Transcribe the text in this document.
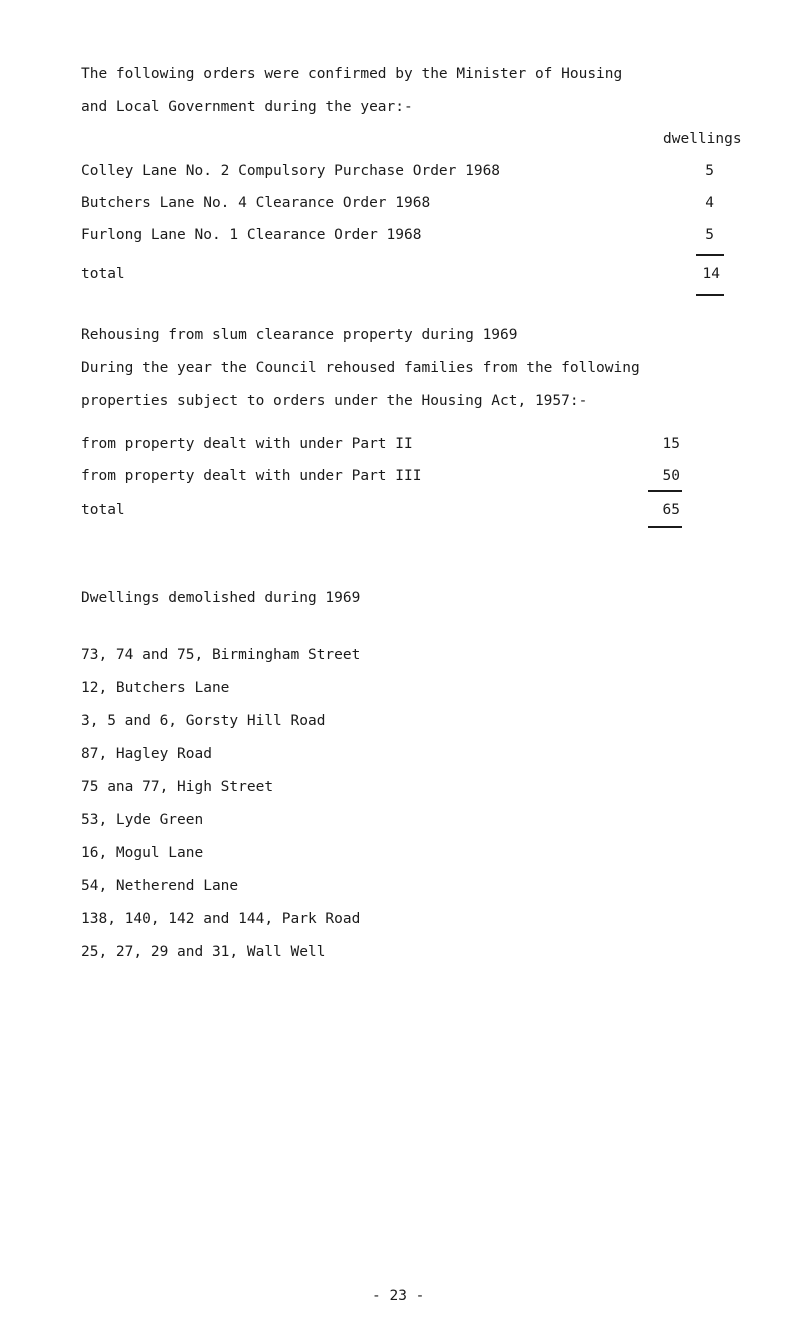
The following orders were confirmed by the Minister of Housing
and Local Government during the year:-
dwellings
Colley Lane No. 2 Compulsory Purchase Order 1968	5
Butchers Lane No. 4 Clearance Order 1968	4
Furlong Lane No. 1 Clearance Order 1968	5
total	14
Rehousing from slum clearance property during 1969
During the year the Council rehoused families from the following
properties subject to orders under the Housing Act, 1957:-
from property dealt with under Part II	15
from property dealt with under Part III	50
total	65
Dwellings demolished during 1969
73, 74 and 75, Birmingham Street
12, Butchers Lane
3, 5 and 6, Gorsty Hill Road
87, Hagley Road
75 ana 77, High Street
53, Lyde Green
16, Mogul Lane
54, Netherend Lane
138, 140, 142 and 144, Park Road
25, 27, 29 and 31, Wall Well
- 23 -
